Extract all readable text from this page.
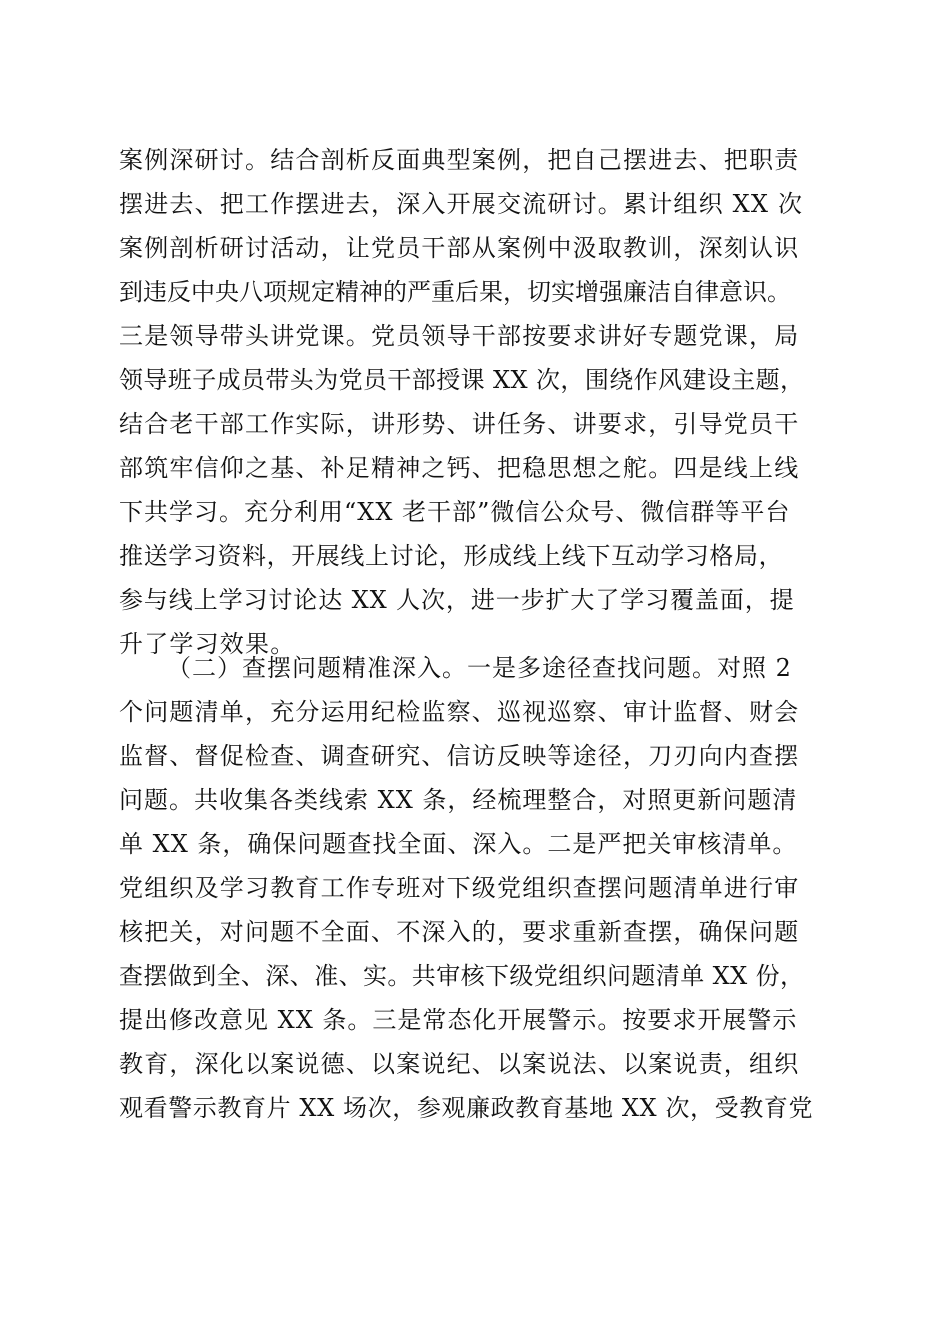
案例深研讨。结合剖析反面典型案例，把自己摆进去、把职责
摆进去、把工作摆进去，深入开展交流研讨。累计组织 XX 次
案例剖析研讨活动，让党员干部从案例中汲取教训，深刻认识
到违反中央八项规定精神的严重后果，切实增强廉洁自律意识。
三是领导带头讲党课。党员领导干部按要求讲好专题党课，局
领导班子成员带头为党员干部授课 XX 次，围绕作风建设主题，
结合老干部工作实际，讲形势、讲任务、讲要求，引导党员干
部筑牢信仰之基、补足精神之钙、把稳思想之舵。四是线上线
下共学习。充分利用“XX 老干部”微信公众号、微信群等平台
推送学习资料，开展线上讨论，形成线上线下互动学习格局，
参与线上学习讨论达 XX 人次，进一步扩大了学习覆盖面，提
升了学习效果。
（二）查摆问题精准深入。一是多途径查找问题。对照 2
个问题清单，充分运用纪检监察、巡视巡察、审计监督、财会
监督、督促检查、调查研究、信访反映等途径，刀刃向内查摆
问题。共收集各类线索 XX 条，经梳理整合，对照更新问题清
单 XX 条，确保问题查找全面、深入。二是严把关审核清单。
党组织及学习教育工作专班对下级党组织查摆问题清单进行审
核把关，对问题不全面、不深入的，要求重新查摆，确保问题
查摆做到全、深、准、实。共审核下级党组织问题清单 XX 份，
提出修改意见 XX 条。三是常态化开展警示。按要求开展警示
教育，深化以案说德、以案说纪、以案说法、以案说责，组织
观看警示教育片 XX 场次，参观廉政教育基地 XX 次，受教育党
